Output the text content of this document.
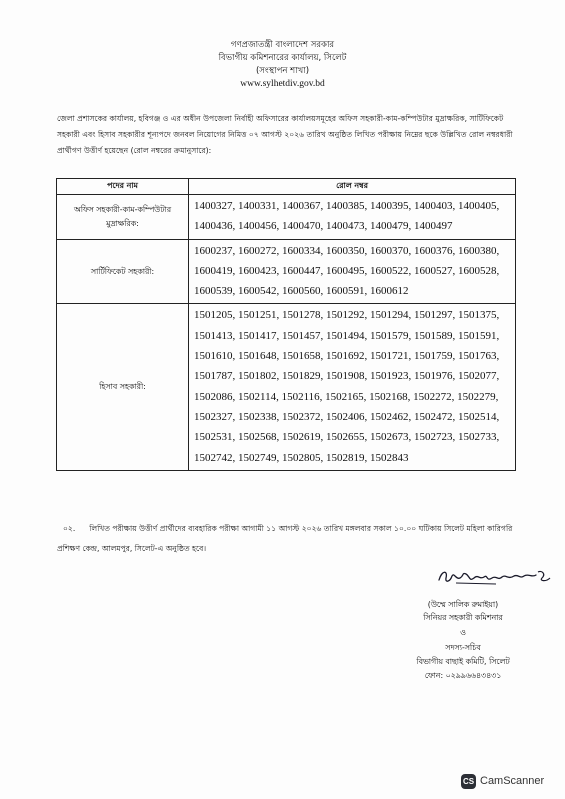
গণপ্রজাতন্ত্রী বাংলাদেশ সরকার
বিভাগীয় কমিশনারের কার্যালয়, সিলেট
(সংস্থাপন শাখা)
www.sylhetdiv.gov.bd
জেলা প্রশাসকের কার্যালয়, হবিগঞ্জ ও এর অধীন উপজেলা নির্বাহী অফিসারের কার্যালয়সমূহের অফিস সহকারী-কাম-কম্পিউটার মুদ্রাক্ষরিক, সার্টিফিকেট সহকারী এবং হিসাব সহকারীর শূন্যপদে জনবল নিয়োগের নিমিত্ত ০৭ আগস্ট ২০২৬ তারিখ অনুষ্ঠিত লিখিত পরীক্ষায় নিম্নের ছকে উল্লিখিত রোল নম্বরধারী প্রার্থীগণ উত্তীর্ণ হয়েছেন (রোল নম্বরের ক্রমানুসারে):
পদের নাম	রোল নম্বর
অফিস সহকারী-কাম-কম্পিউটার মুদ্রাক্ষরিক:	1400327, 1400331, 1400367, 1400385, 1400395, 1400403, 1400405, 1400436, 1400456, 1400470, 1400473, 1400479, 1400497
সার্টিফিকেট সহকারী:	1600237, 1600272, 1600334, 1600350, 1600370, 1600376, 1600380, 1600419, 1600423, 1600447, 1600495, 1600522, 1600527, 1600528, 1600539, 1600542, 1600560, 1600591, 1600612
হিসাব সহকারী:	1501205, 1501251, 1501278, 1501292, 1501294, 1501297, 1501375, 1501413, 1501417, 1501457, 1501494, 1501579, 1501589, 1501591, 1501610, 1501648, 1501658, 1501692, 1501721, 1501759, 1501763, 1501787, 1501802, 1501829, 1501908, 1501923, 1501976, 1502077, 1502086, 1502114, 1502116, 1502165, 1502168, 1502272, 1502279, 1502327, 1502338, 1502372, 1502406, 1502462, 1502472, 1502514, 1502531, 1502568, 1502619, 1502655, 1502673, 1502723, 1502733, 1502742, 1502749, 1502805, 1502819, 1502843
০২. লিখিত পরীক্ষায় উত্তীর্ণ প্রার্থীদের ব্যবহারিক পরীক্ষা আগামী ১১ আগস্ট ২০২৬ তারিখ মঙ্গলবার সকাল ১০.০০ ঘটিকায় সিলেট মহিলা কারিগরি প্রশিক্ষণ কেন্দ্র, আলমপুর, সিলেট-এ অনুষ্ঠিত হবে।
(উম্মে সালিক রুমাইয়া)
সিনিয়র সহকারী কমিশনার
ও
সদস্য-সচিব
বিভাগীয় বাছাই কমিটি, সিলেট
ফোন: ০২৯৯৬৬৪৩৪৩১
CS CamScanner
